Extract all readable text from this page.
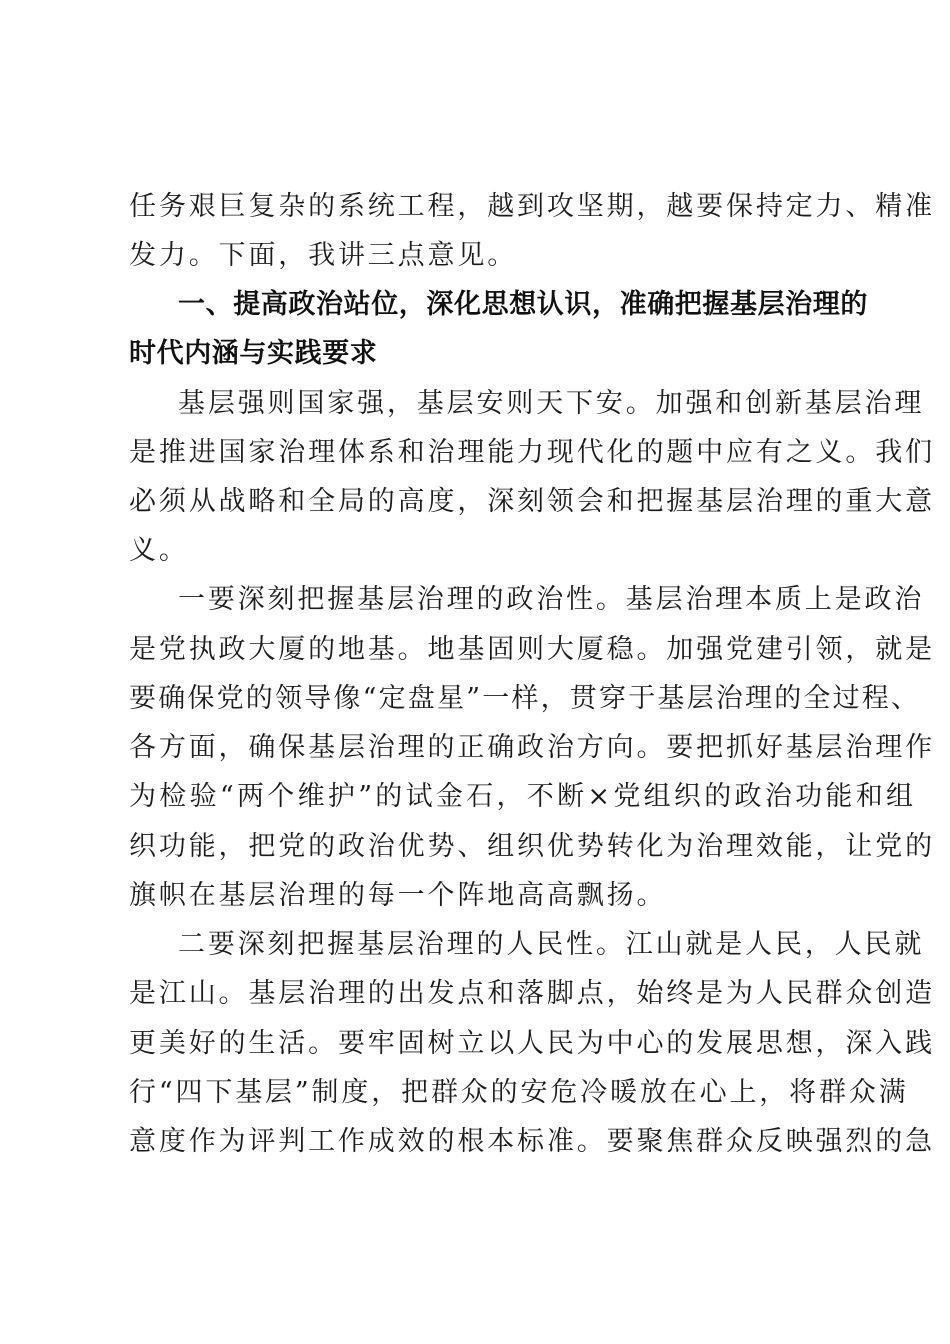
任务艰巨复杂的系统工程，越到攻坚期，越要保持定力、精准

发力。下面，我讲三点意见。

一、提高政治站位，深化思想认识，准确把握基层治理的

时代内涵与实践要求

基层强则国家强，基层安则天下安。加强和创新基层治理

是推进国家治理体系和治理能力现代化的题中应有之义。我们

必须从战略和全局的高度，深刻领会和把握基层治理的重大意

义。

一要深刻把握基层治理的政治性。基层治理本质上是政治

是党执政大厦的地基。地基固则大厦稳。加强党建引领，就是

要确保党的领导像“定盘星”一样，贯穿于基层治理的全过程、

各方面，确保基层治理的正确政治方向。要把抓好基层治理作

为检验“两个维护”的试金石，不断×党组织的政治功能和组

织功能，把党的政治优势、组织优势转化为治理效能，让党的

旗帜在基层治理的每一个阵地高高飘扬。

二要深刻把握基层治理的人民性。江山就是人民，人民就

是江山。基层治理的出发点和落脚点，始终是为人民群众创造

更美好的生活。要牢固树立以人民为中心的发展思想，深入践

行“四下基层”制度，把群众的安危冷暖放在心上，将群众满

意度作为评判工作成效的根本标准。要聚焦群众反映强烈的急
